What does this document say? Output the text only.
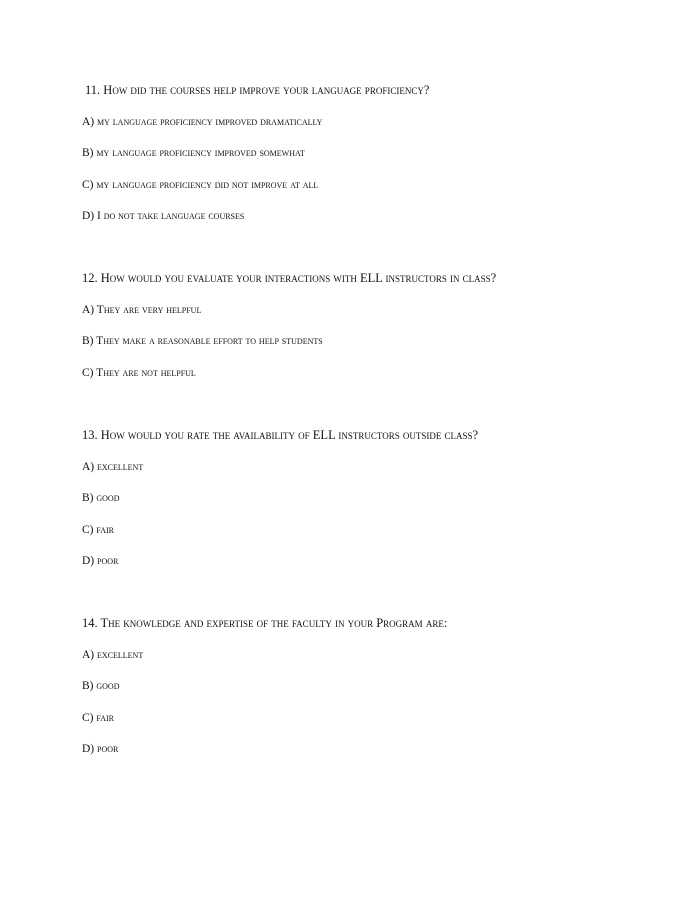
11. How did the courses help improve your language proficiency?
A) my language proficiency improved dramatically
B) my language proficiency improved somewhat
C) my language proficiency did not improve at all
D) I do not take language courses
12. How would you evaluate your interactions with ELL instructors in class?
A) They are very helpful
B) They make a reasonable effort to help students
C) They are not helpful
13. How would you rate the availability of ELL instructors outside class?
A) excellent
B) good
C) fair
D) poor
14. The knowledge and expertise of the faculty in your Program are:
A) excellent
B) good
C) fair
D) poor
